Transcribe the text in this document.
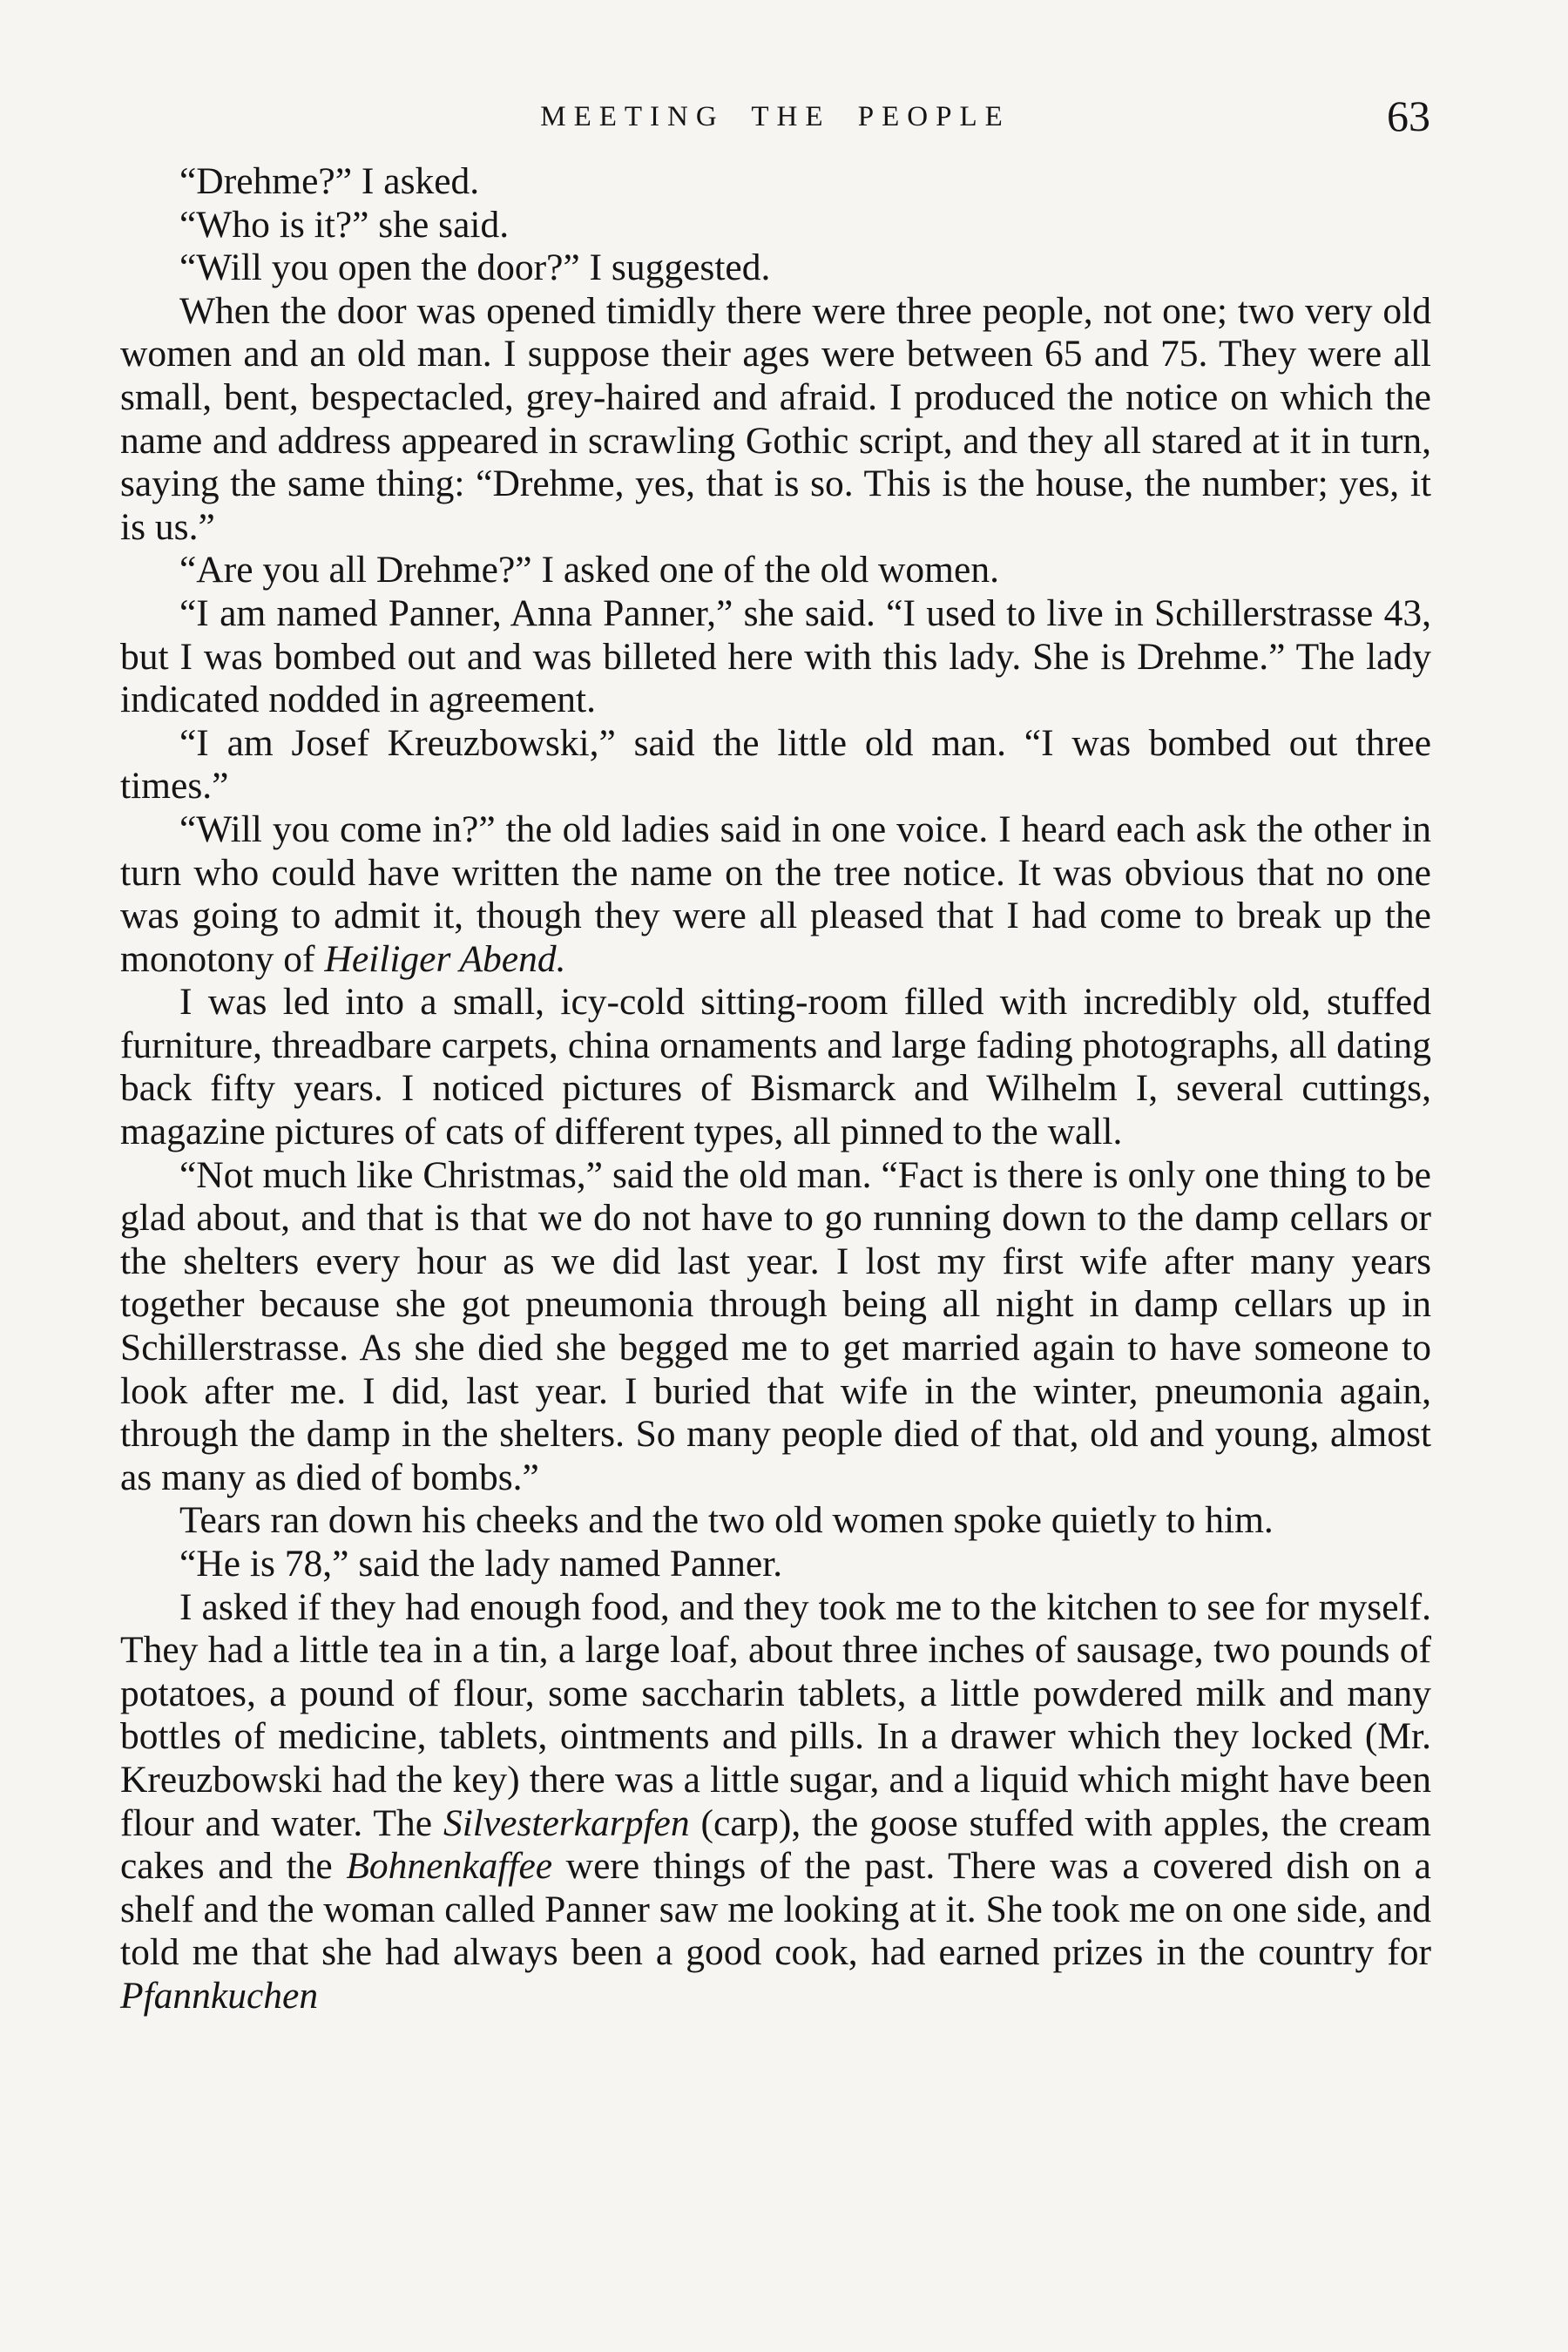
MEETING THE PEOPLE	63

“Drehme?” I asked.

“Who is it?” she said.

“Will you open the door?” I suggested.

When the door was opened timidly there were three people, not one; two very old women and an old man. I suppose their ages were between 65 and 75. They were all small, bent, bespectacled, grey-haired and afraid. I produced the notice on which the name and address appeared in scrawling Gothic script, and they all stared at it in turn, saying the same thing: “Drehme, yes, that is so. This is the house, the number; yes, it is us.”

“Are you all Drehme?” I asked one of the old women.

“I am named Panner, Anna Panner,” she said. “I used to live in Schillerstrasse 43, but I was bombed out and was billeted here with this lady. She is Drehme.” The lady indicated nodded in agreement.

“I am Josef Kreuzbowski,” said the little old man. “I was bombed out three times.”

“Will you come in?” the old ladies said in one voice. I heard each ask the other in turn who could have written the name on the tree notice. It was obvious that no one was going to admit it, though they were all pleased that I had come to break up the monotony of Heiliger Abend.

I was led into a small, icy-cold sitting-room filled with incredibly old, stuffed furniture, threadbare carpets, china ornaments and large fading photographs, all dating back fifty years. I noticed pictures of Bismarck and Wilhelm I, several cuttings, magazine pictures of cats of different types, all pinned to the wall.

“Not much like Christmas,” said the old man. “Fact is there is only one thing to be glad about, and that is that we do not have to go running down to the damp cellars or the shelters every hour as we did last year. I lost my first wife after many years together because she got pneumonia through being all night in damp cellars up in Schillerstrasse. As she died she begged me to get married again to have someone to look after me. I did, last year. I buried that wife in the winter, pneumonia again, through the damp in the shelters. So many people died of that, old and young, almost as many as died of bombs.”

Tears ran down his cheeks and the two old women spoke quietly to him.

“He is 78,” said the lady named Panner.

I asked if they had enough food, and they took me to the kitchen to see for myself. They had a little tea in a tin, a large loaf, about three inches of sausage, two pounds of potatoes, a pound of flour, some saccharin tablets, a little powdered milk and many bottles of medicine, tablets, ointments and pills. In a drawer which they locked (Mr. Kreuzbowski had the key) there was a little sugar, and a liquid which might have been flour and water. The Silvesterkarpfen (carp), the goose stuffed with apples, the cream cakes and the Bohnenkaffee were things of the past. There was a covered dish on a shelf and the woman called Panner saw me looking at it. She took me on one side, and told me that she had always been a good cook, had earned prizes in the country for Pfannkuchen
